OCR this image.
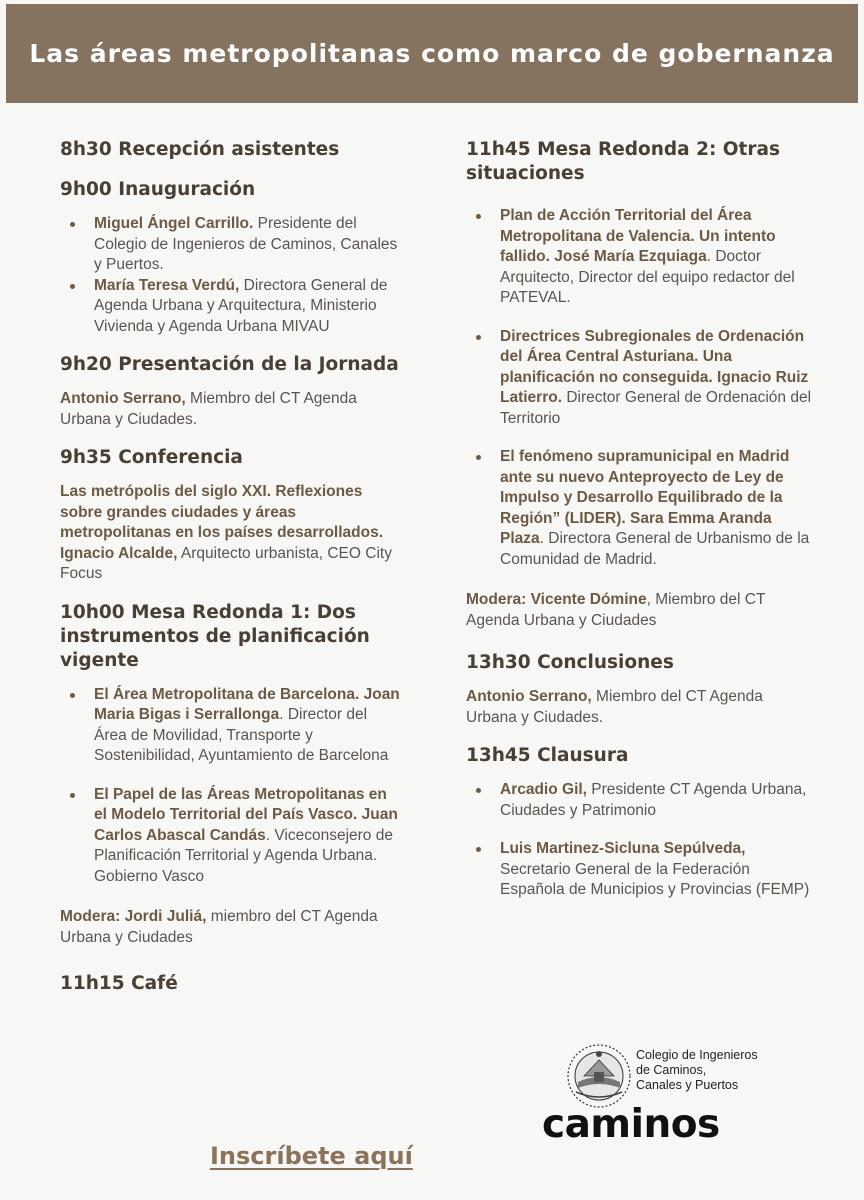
Las áreas metropolitanas como marco de gobernanza
8h30 Recepción asistentes
9h00 Inauguración
Miguel Ángel Carrillo. Presidente del Colegio de Ingenieros de Caminos, Canales y Puertos.
María Teresa Verdú, Directora General de Agenda Urbana y Arquitectura, Ministerio Vivienda y Agenda Urbana MIVAU
9h20 Presentación de la Jornada

Antonio Serrano, Miembro del CT Agenda Urbana y Ciudades.

9h35 Conferencia

Las metrópolis del siglo XXI. Reflexiones sobre grandes ciudades y áreas metropolitanas en los países desarrollados. Ignacio Alcalde, Arquitecto urbanista, CEO City Focus

10h00 Mesa Redonda 1: Dos instrumentos de planificación vigente
El Área Metropolitana de Barcelona. Joan Maria Bigas i Serrallonga. Director del Área de Movilidad, Transporte y Sostenibilidad, Ayuntamiento de Barcelona
El Papel de las Áreas Metropolitanas en el Modelo Territorial del País Vasco. Juan Carlos Abascal Candás. Viceconsejero de Planificación Territorial y Agenda Urbana. Gobierno Vasco

Modera: Jordi Juliá, miembro del CT Agenda Urbana y Ciudades

11h15 Café
11h45 Mesa Redonda 2: Otras situaciones
Plan de Acción Territorial del Área Metropolitana de Valencia. Un intento fallido. José María Ezquiaga. Doctor Arquitecto, Director del equipo redactor del PATEVAL.
Directrices Subregionales de Ordenación del Área Central Asturiana. Una planificación no conseguida. Ignacio Ruiz Latierro. Director General de Ordenación del Territorio
El fenómeno supramunicipal en Madrid ante su nuevo Anteproyecto de Ley de Impulso y Desarrollo Equilibrado de la Región” (LIDER). Sara Emma Aranda Plaza. Directora General de Urbanismo de la Comunidad de Madrid.

Modera: Vicente Dómine, Miembro del CT Agenda Urbana y Ciudades

13h30 Conclusiones

Antonio Serrano, Miembro del CT Agenda Urbana y Ciudades.

13h45 Clausura
Arcadio Gil, Presidente CT Agenda Urbana, Ciudades y Patrimonio
Luis Martinez-Sicluna Sepúlveda, Secretario General de la Federación Española de Municipios y Provincias (FEMP)
Colegio de Ingenieros
de Caminos,
Canales y Puertos
caminos
Inscríbete aquí
